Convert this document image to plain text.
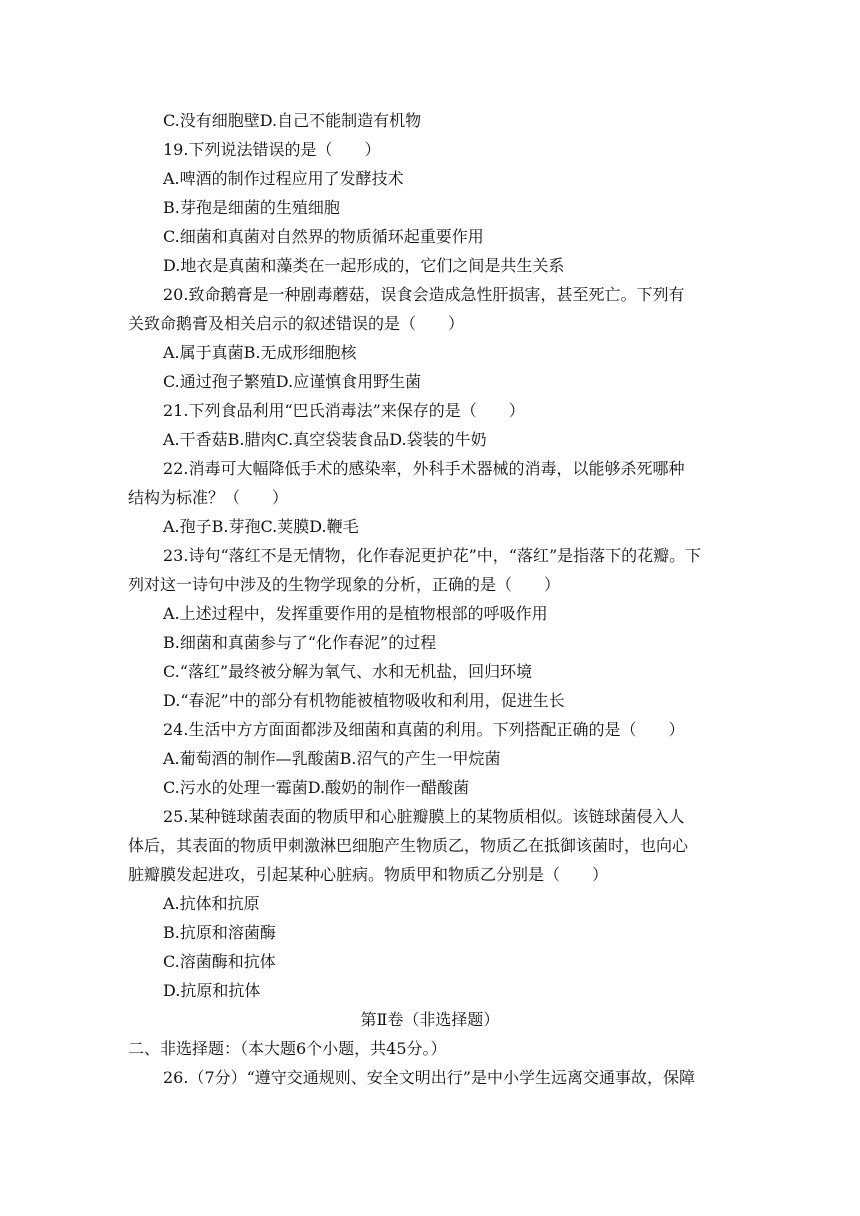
C.没有细胞壁D.自己不能制造有机物
19.下列说法错误的是（　　）
A.啤酒的制作过程应用了发酵技术
B.芽孢是细菌的生殖细胞
C.细菌和真菌对自然界的物质循环起重要作用
D.地衣是真菌和藻类在一起形成的，它们之间是共生关系
20.致命鹅膏是一种剧毒蘑菇，误食会造成急性肝损害，甚至死亡。下列有
关致命鹅膏及相关启示的叙述错误的是（　　）
A.属于真菌B.无成形细胞核
C.通过孢子繁殖D.应谨慎食用野生菌
21.下列食品利用“巴氏消毒法”来保存的是（　　）
A.干香菇B.腊肉C.真空袋装食品D.袋装的牛奶
22.消毒可大幅降低手术的感染率，外科手术器械的消毒，以能够杀死哪种
结构为标准？（　　）
A.孢子B.芽孢C.荚膜D.鞭毛
23.诗句“落红不是无情物，化作春泥更护花”中，“落红”是指落下的花瓣。下
列对这一诗句中涉及的生物学现象的分析，正确的是（　　）
A.上述过程中，发挥重要作用的是植物根部的呼吸作用
B.细菌和真菌参与了“化作春泥”的过程
C.“落红”最终被分解为氧气、水和无机盐，回归环境
D.“春泥”中的部分有机物能被植物吸收和利用，促进生长
24.生活中方方面面都涉及细菌和真菌的利用。下列搭配正确的是（　　）
A.葡萄酒的制作—乳酸菌B.沼气的产生一甲烷菌
C.污水的处理一霉菌D.酸奶的制作一醋酸菌
25.某种链球菌表面的物质甲和心脏瓣膜上的某物质相似。该链球菌侵入人
体后，其表面的物质甲刺激淋巴细胞产生物质乙，物质乙在抵御该菌时，也向心
脏瓣膜发起进攻，引起某种心脏病。物质甲和物质乙分别是（　　）
A.抗体和抗原
B.抗原和溶菌酶
C.溶菌酶和抗体
D.抗原和抗体
第Ⅱ卷（非选择题）
二、非选择题：（本大题6个小题，共45分。）
26.（7分）“遵守交通规则、安全文明出行”是中小学生远离交通事故，保障
